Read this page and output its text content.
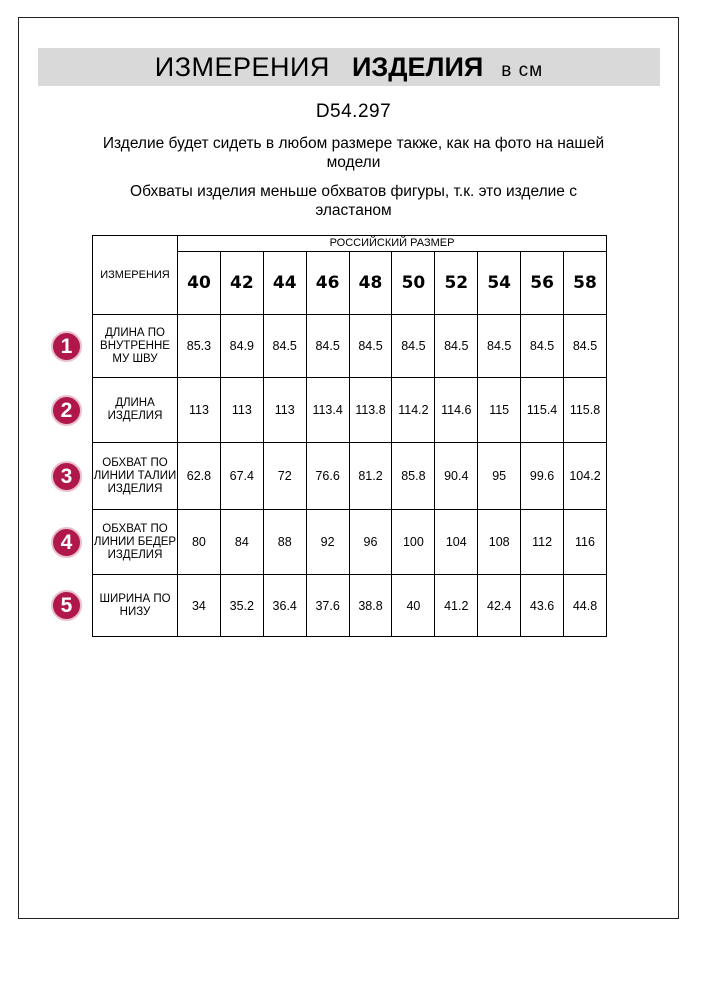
ИЗМЕРЕНИЯ ИЗДЕЛИЯ в см
D54.297
Изделие будет сидеть в любом размере также, как на фото на нашей модели
Обхваты изделия меньше обхватов фигуры, т.к. это изделие с эластаном
ИЗМЕРЕНИЯ	РОССИЙСКИЙ РАЗМЕР									
	40	42	44	46	48	50	52	54	56	58
ДЛИНА ПО ВНУТРЕННЕ МУ ШВУ	85.3	84.9	84.5	84.5	84.5	84.5	84.5	84.5	84.5	84.5
ДЛИНА ИЗДЕЛИЯ	113	113	113	113.4	113.8	114.2	114.6	115	115.4	115.8
ОБХВАТ ПО ЛИНИИ ТАЛИИ ИЗДЕЛИЯ	62.8	67.4	72	76.6	81.2	85.8	90.4	95	99.6	104.2
ОБХВАТ ПО ЛИНИИ БЕДЕР ИЗДЕЛИЯ	80	84	88	92	96	100	104	108	112	116
ШИРИНА ПО НИЗУ	34	35.2	36.4	37.6	38.8	40	41.2	42.4	43.6	44.8
1
2
3
4
5
